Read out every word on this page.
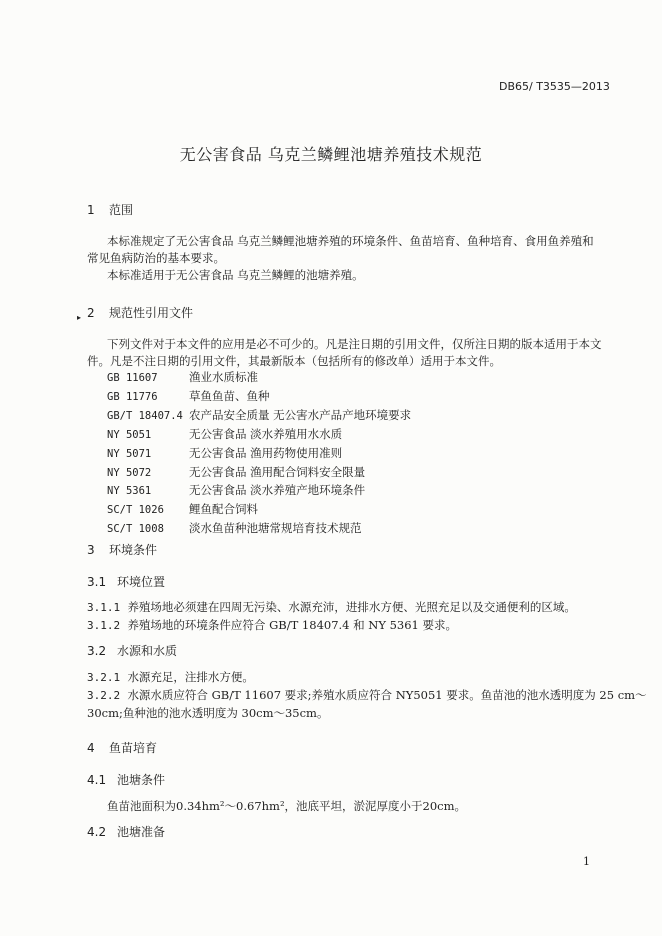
DB65/ T3535—2013
无公害食品 乌克兰鳞鲤池塘养殖技术规范
1 范围
本标准规定了无公害食品 乌克兰鳞鲤池塘养殖的环境条件、鱼苗培育、鱼种培育、食用鱼养殖和
常见鱼病防治的基本要求。
本标准适用于无公害食品 乌克兰鳞鲤的池塘养殖。
▸ 2 规范性引用文件
下列文件对于本文件的应用是必不可少的。凡是注日期的引用文件，仅所注日期的版本适用于本文
件。凡是不注日期的引用文件，其最新版本（包括所有的修改单）适用于本文件。
GB 11607	渔业水质标准
GB 11776	草鱼鱼苗、鱼种
GB/T 18407.4 农产品安全质量 无公害水产品产地环境要求
NY 5051	无公害食品 淡水养殖用水水质
NY 5071	无公害食品 渔用药物使用准则
NY 5072	无公害食品 渔用配合饲料安全限量
NY 5361	无公害食品 淡水养殖产地环境条件
SC/T 1026 鲤鱼配合饲料
SC/T 1008 淡水鱼苗种池塘常规培育技术规范
3 环境条件
3.1 环境位置
3.1.1 养殖场地必须建在四周无污染、水源充沛，进排水方便、光照充足以及交通便利的区域。
3.1.2 养殖场地的环境条件应符合 GB/T 18407.4 和 NY 5361 要求。
3.2 水源和水质
3.2.1 水源充足，注排水方便。
3.2.2 水源水质应符合 GB/T 11607 要求;养殖水质应符合 NY5051 要求。鱼苗池的池水透明度为 25 cm～
30cm;鱼种池的池水透明度为 30cm～35cm。
4 鱼苗培育
4.1 池塘条件
鱼苗池面积为0.34hm²～0.67hm²，池底平坦，淤泥厚度小于20cm。
4.2 池塘准备
1
